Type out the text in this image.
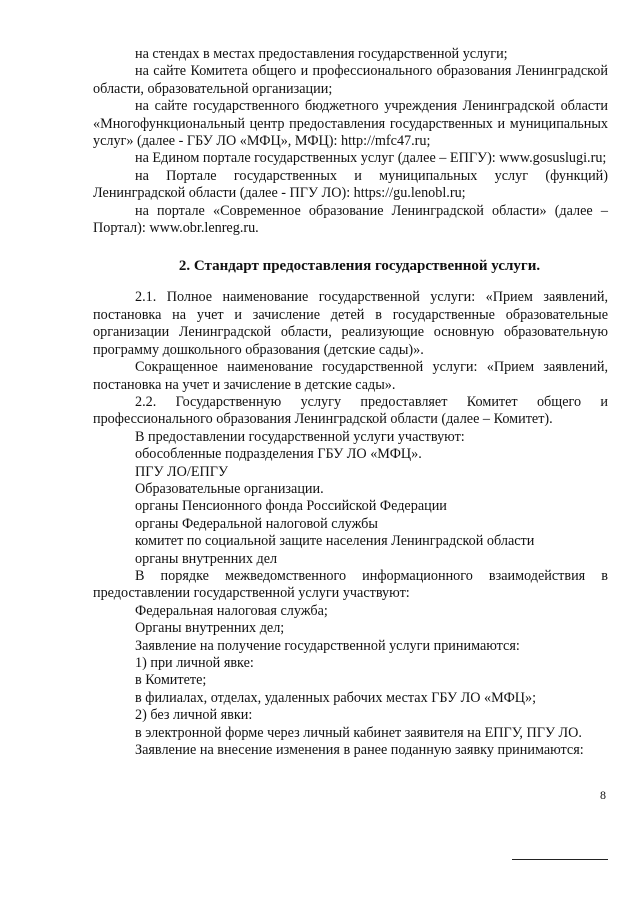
на стендах в местах предоставления государственной услуги;

на сайте Комитета общего и профессионального образования Ленинградской области, образовательной организации;

на сайте государственного бюджетного учреждения Ленинградской области «Многофункциональный центр предоставления государственных и муниципальных услуг» (далее - ГБУ ЛО «МФЦ», МФЦ): http://mfc47.ru;

на Едином портале государственных услуг (далее – ЕПГУ): www.gosuslugi.ru;

на Портале государственных и муниципальных услуг (функций) Ленинградской области (далее - ПГУ ЛО): https://gu.lenobl.ru;

на портале «Современное образование Ленинградской области» (далее – Портал): www.obr.lenreg.ru.

2. Стандарт предоставления государственной услуги.

2.1. Полное наименование государственной услуги: «Прием заявлений, постановка на учет и зачисление детей в государственные образовательные организации Ленинградской области, реализующие основную образовательную программу дошкольного образования (детские сады)».

Сокращенное наименование государственной услуги: «Прием заявлений, постановка на учет и зачисление в детские сады».

2.2. Государственную услугу предоставляет Комитет общего и профессионального образования Ленинградской области (далее – Комитет).

В предоставлении государственной услуги участвуют:

обособленные подразделения ГБУ ЛО «МФЦ».

ПГУ ЛО/ЕПГУ

Образовательные организации.

органы Пенсионного фонда Российской Федерации

органы Федеральной налоговой службы

комитет по социальной защите населения Ленинградской области

органы внутренних дел

В порядке межведомственного информационного взаимодействия в предоставлении государственной услуги участвуют:

Федеральная налоговая служба;

Органы внутренних дел;

Заявление на получение государственной услуги принимаются:

1) при личной явке:

в Комитете;

в филиалах, отделах, удаленных рабочих местах ГБУ ЛО «МФЦ»;

2) без личной явки:

в электронной форме через личный кабинет заявителя на ЕПГУ, ПГУ ЛО.

Заявление на внесение изменения в ранее поданную заявку принимаются:

8
